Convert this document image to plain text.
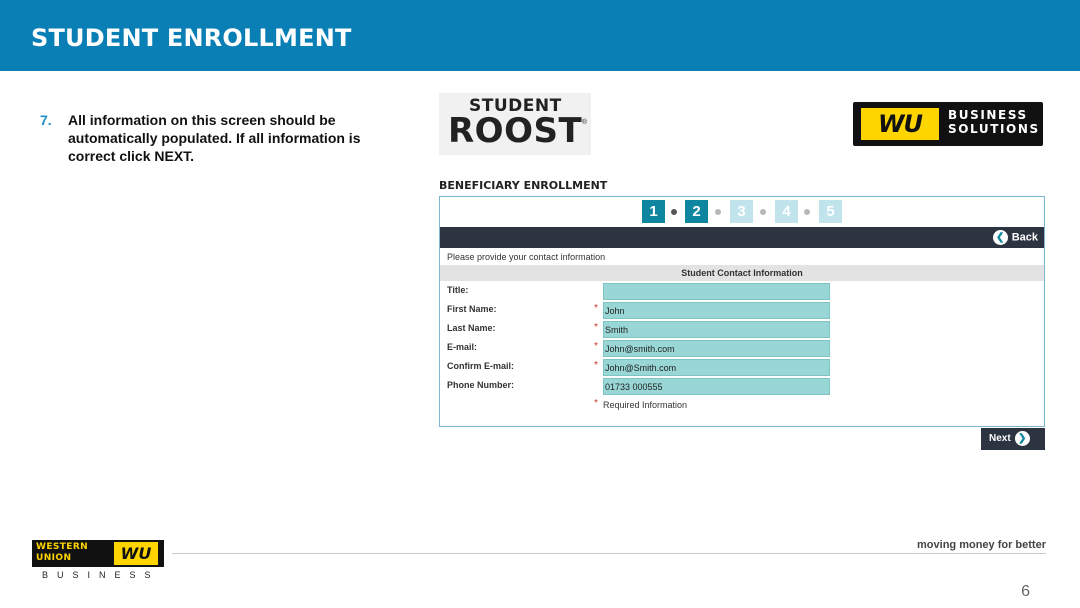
STUDENT ENROLLMENT
7. All information on this screen should be automatically populated. If all information is correct click NEXT.
STUDENT
ROOST ®	WU	BUSINESS
SOLUTIONS
BENEFICIARY ENROLLMENT
1	2	3	4	5
❮ Back
Please provide your contact information
Student Contact Information
Title:
First Name:	*
John
Last Name:	*
Smith
E-mail:	*
John@smith.com
Confirm E-mail:	*
John@Smith.com
Phone Number:
01733 000555
* Required Information
Next ❯
WESTERN
UNION	WU
BUSINESS
moving money for better
6
